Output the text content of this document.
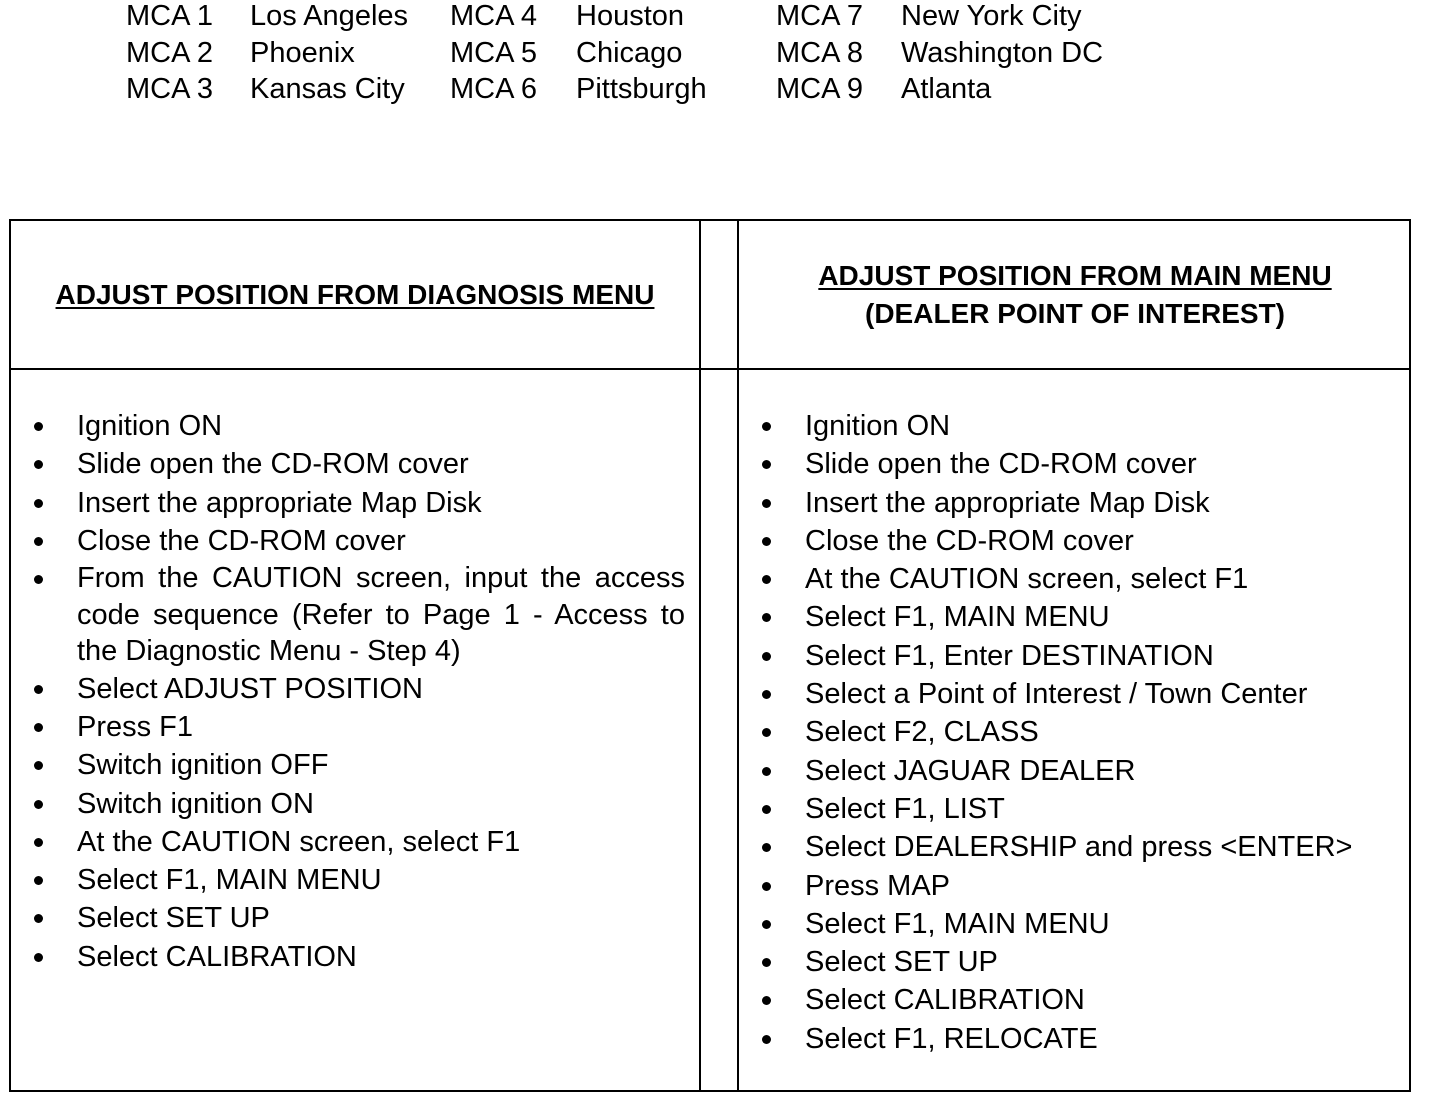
MCA 1 Los Angeles MCA 4 Houston	MCA 7 New York City
MCA 2 Phoenix	MCA 5 Chicago	MCA 8 Washington DC
MCA 3 Kansas City MCA 6 Pittsburgh MCA 9 Atlanta
ADJUST POSITION FROM DIAGNOSIS MENU
ADJUST POSITION FROM MAIN MENU
(DEALER POINT OF INTEREST)
Ignition ON
Slide open the CD-ROM cover
Insert the appropriate Map Disk
Close the CD-ROM cover
From the CAUTION screen, input the access code sequence (Refer to Page 1 - Access to the Diagnostic Menu - Step 4)
Select ADJUST POSITION
Press F1
Switch ignition OFF
Switch ignition ON
At the CAUTION screen, select F1
Select F1, MAIN MENU
Select SET UP
Select CALIBRATION
Ignition ON
Slide open the CD-ROM cover
Insert the appropriate Map Disk
Close the CD-ROM cover
At the CAUTION screen, select F1
Select F1, MAIN MENU
Select F1, Enter DESTINATION
Select a Point of Interest / Town Center
Select F2, CLASS
Select JAGUAR DEALER
Select F1, LIST
Select DEALERSHIP and press <ENTER>
Press MAP
Select F1, MAIN MENU
Select SET UP
Select CALIBRATION
Select F1, RELOCATE
